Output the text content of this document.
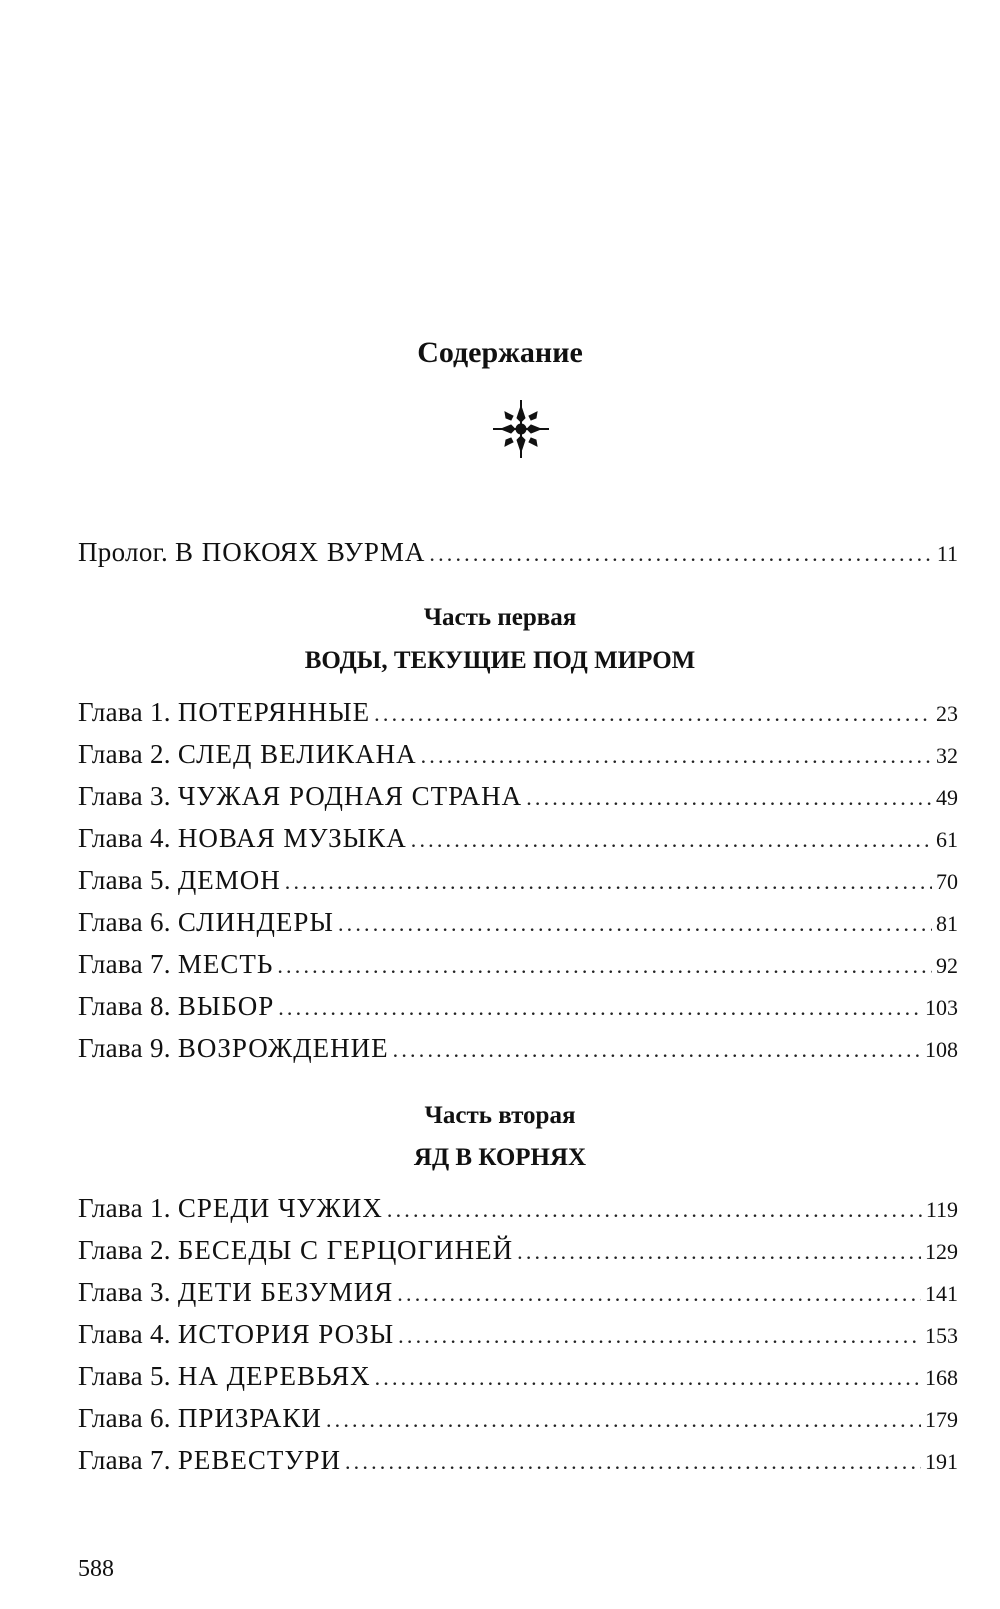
Содержание
Пролог. В ПОКОЯХ ВУРМА .....	11
Часть первая
ВОДЫ, ТЕКУЩИЕ ПОД МИРОМ
Глава 1. ПОТЕРЯННЫЕ .....	23
Глава 2. СЛЕД ВЕЛИКАНА .....	32
Глава 3. ЧУЖАЯ РОДНАЯ СТРАНА .....	49
Глава 4. НОВАЯ МУЗЫКА .....	61
Глава 5. ДЕМОН .....	70
Глава 6. СЛИНДЕРЫ .....	81
Глава 7. МЕСТЬ .....	92
Глава 8. ВЫБОР .....	103
Глава 9. ВОЗРОЖДЕНИЕ .....	108
Часть вторая
ЯД В КОРНЯХ
Глава 1. СРЕДИ ЧУЖИХ .....	119
Глава 2. БЕСЕДЫ С ГЕРЦОГИНЕЙ .....	129
Глава 3. ДЕТИ БЕЗУМИЯ .....	141
Глава 4. ИСТОРИЯ РОЗЫ .....	153
Глава 5. НА ДЕРЕВЬЯХ .....	168
Глава 6. ПРИЗРАКИ .....	179
Глава 7. РЕВЕСТУРИ .....	191
588
